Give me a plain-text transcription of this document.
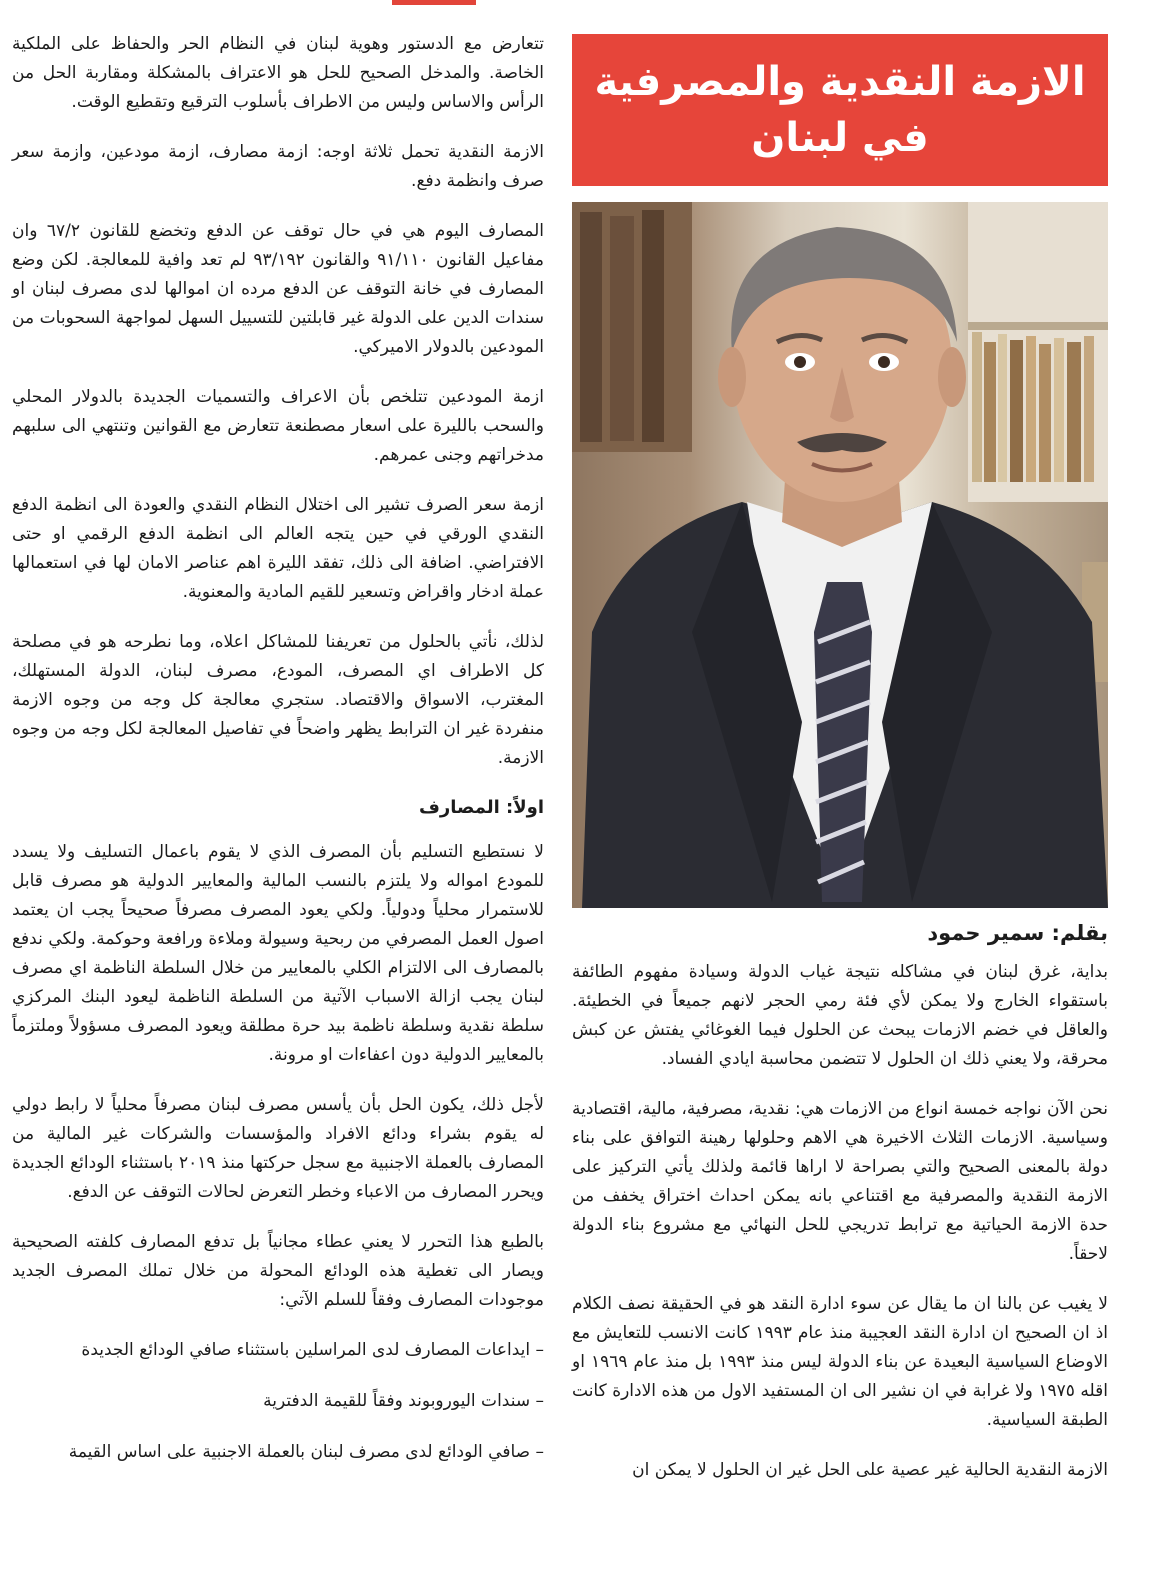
تتعارض مع الدستور وهوية لبنان في النظام الحر والحفاظ على الملكية الخاصة. والمدخل الصحيح للحل هو الاعتراف بالمشكلة ومقاربة الحل من الرأس والاساس وليس من الاطراف بأسلوب الترقيع وتقطيع الوقت.

الازمة النقدية تحمل ثلاثة اوجه: ازمة مصارف، ازمة مودعين، وازمة سعر صرف وانظمة دفع.

المصارف اليوم هي في حال توقف عن الدفع وتخضع للقانون ٦٧/٢ وان مفاعيل القانون ٩١/١١٠ والقانون ٩٣/١٩٢ لم تعد وافية للمعالجة. لكن وضع المصارف في خانة التوقف عن الدفع مرده ان اموالها لدى مصرف لبنان او سندات الدين على الدولة غير قابلتين للتسييل السهل لمواجهة السحوبات من المودعين بالدولار الاميركي.

ازمة المودعين تتلخص بأن الاعراف والتسميات الجديدة بالدولار المحلي والسحب بالليرة على اسعار مصطنعة تتعارض مع القوانين وتنتهي الى سلبهم مدخراتهم وجنى عمرهم.

ازمة سعر الصرف تشير الى اختلال النظام النقدي والعودة الى انظمة الدفع النقدي الورقي في حين يتجه العالم الى انظمة الدفع الرقمي او حتى الافتراضي. اضافة الى ذلك، تفقد الليرة اهم عناصر الامان لها في استعمالها عملة ادخار واقراض وتسعير للقيم المادية والمعنوية.

لذلك، نأتي بالحلول من تعريفنا للمشاكل اعلاه، وما نطرحه هو في مصلحة كل الاطراف اي المصرف، المودع، مصرف لبنان، الدولة المستهلك، المغترب، الاسواق والاقتصاد. ستجري معالجة كل وجه من وجوه الازمة منفردة غير ان الترابط يظهر واضحاً في تفاصيل المعالجة لكل وجه من وجوه الازمة.

اولاً: المصارف

لا نستطيع التسليم بأن المصرف الذي لا يقوم باعمال التسليف ولا يسدد للمودع امواله ولا يلتزم بالنسب المالية والمعايير الدولية هو مصرف قابل للاستمرار محلياً ودولياً. ولكي يعود المصرف مصرفاً صحيحاً يجب ان يعتمد اصول العمل المصرفي من ربحية وسيولة وملاءة ورافعة وحوكمة. ولكي ندفع بالمصارف الى الالتزام الكلي بالمعايير من خلال السلطة الناظمة اي مصرف لبنان يجب ازالة الاسباب الآتية من السلطة الناظمة ليعود البنك المركزي سلطة نقدية وسلطة ناظمة بيد حرة مطلقة ويعود المصرف مسؤولاً وملتزماً بالمعايير الدولية دون اعفاءات او مرونة.

لأجل ذلك، يكون الحل بأن يأسس مصرف لبنان مصرفاً محلياً لا رابط دولي له يقوم بشراء ودائع الافراد والمؤسسات والشركات غير المالية من المصارف بالعملة الاجنبية مع سجل حركتها منذ ٢٠١٩ باستثناء الودائع الجديدة ويحرر المصارف من الاعباء وخطر التعرض لحالات التوقف عن الدفع.

بالطبع هذا التحرر لا يعني عطاء مجانياً بل تدفع المصارف كلفته الصحيحية ويصار الى تغطية هذه الودائع المحولة من خلال تملك المصرف الجديد موجودات المصارف وفقاً للسلم الآتي:

– ايداعات المصارف لدى المراسلين باستثناء صافي الودائع الجديدة

– سندات اليوروبوند وفقاً للقيمة الدفترية

– صافي الودائع لدى مصرف لبنان بالعملة الاجنبية على اساس القيمة

الازمة النقدية والمصرفية
في لبنان
بقلم: سمير حمود

بداية، غرق لبنان في مشاكله نتيجة غياب الدولة وسيادة مفهوم الطائفة باستقواء الخارج ولا يمكن لأي فئة رمي الحجر لانهم جميعاً في الخطيئة. والعاقل في خضم الازمات يبحث عن الحلول فيما الغوغائي يفتش عن كبش محرقة، ولا يعني ذلك ان الحلول لا تتضمن محاسبة ايادي الفساد.

نحن الآن نواجه خمسة انواع من الازمات هي: نقدية، مصرفية، مالية، اقتصادية وسياسية. الازمات الثلاث الاخيرة هي الاهم وحلولها رهينة التوافق على بناء دولة بالمعنى الصحيح والتي بصراحة لا اراها قائمة ولذلك يأتي التركيز على الازمة النقدية والمصرفية مع اقتناعي بانه يمكن احداث اختراق يخفف من حدة الازمة الحياتية مع ترابط تدريجي للحل النهائي مع مشروع بناء الدولة لاحقاً.

لا يغيب عن بالنا ان ما يقال عن سوء ادارة النقد هو في الحقيقة نصف الكلام اذ ان الصحيح ان ادارة النقد العجيبة منذ عام ١٩٩٣ كانت الانسب للتعايش مع الاوضاع السياسية البعيدة عن بناء الدولة ليس منذ ١٩٩٣ بل منذ عام ١٩٦٩ او اقله ١٩٧٥ ولا غرابة في ان نشير الى ان المستفيد الاول من هذه الادارة كانت الطبقة السياسية.

الازمة النقدية الحالية غير عصية على الحل غير ان الحلول لا يمكن ان
